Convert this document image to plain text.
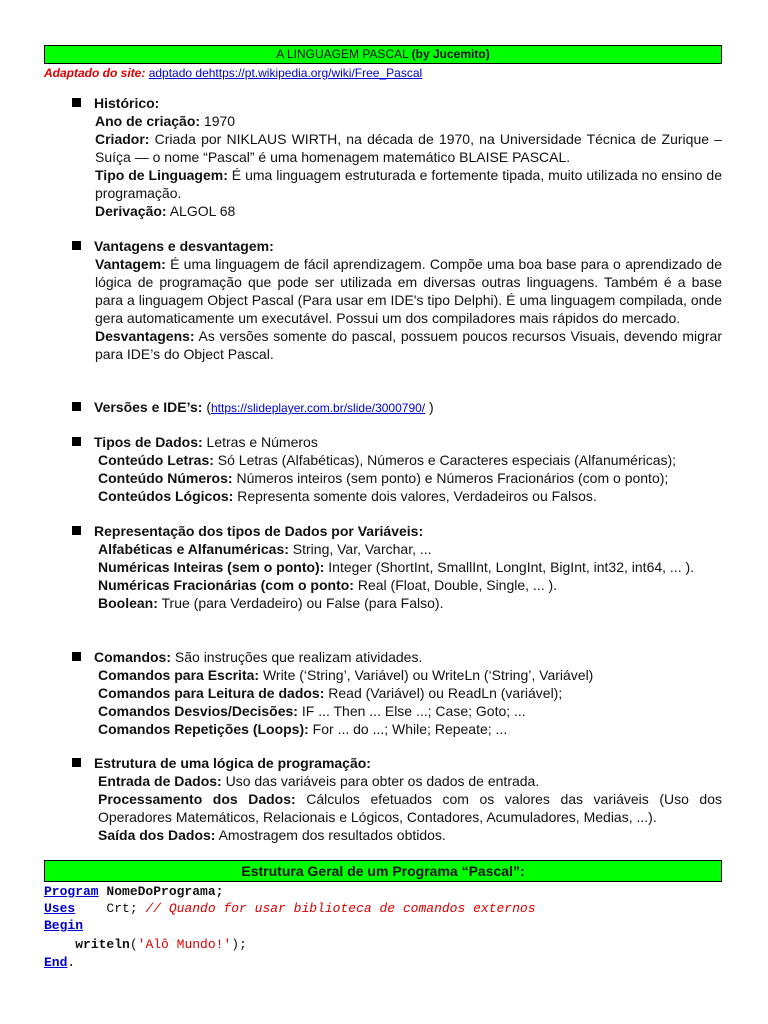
A LINGUAGEM PASCAL (by Jucemito)
Adaptado do site: adptado dehttps://pt.wikipedia.org/wiki/Free_Pascal
Histórico:
Ano de criação: 1970
Criador: Criada por NIKLAUS WIRTH, na década de 1970, na Universidade Técnica de Zurique – Suíça — o nome “Pascal” é uma homenagem matemático BLAISE PASCAL.
Tipo de Linguagem: É uma linguagem estruturada e fortemente tipada, muito utilizada no ensino de programação.
Derivação: ALGOL 68
Vantagens e desvantagem:
Vantagem: É uma linguagem de fácil aprendizagem. Compõe uma boa base para o aprendizado de lógica de programação que pode ser utilizada em diversas outras linguagens. Também é a base para a linguagem Object Pascal (Para usar em IDE's tipo Delphi). É uma linguagem compilada, onde gera automaticamente um executável. Possui um dos compiladores mais rápidos do mercado.
Desvantagens: As versões somente do pascal, possuem poucos recursos Visuais, devendo migrar para IDE’s do Object Pascal.
Versões e IDE’s: (https://slideplayer.com.br/slide/3000790/ )
Tipos de Dados: Letras e Números
Conteúdo Letras: Só Letras (Alfabéticas), Números e Caracteres especiais (Alfanuméricas);
Conteúdo Números: Números inteiros (sem ponto) e Números Fracionários (com o ponto);
Conteúdos Lógicos: Representa somente dois valores, Verdadeiros ou Falsos.
Representação dos tipos de Dados por Variáveis:
Alfabéticas e Alfanuméricas: String, Var, Varchar, ...
Numéricas Inteiras (sem o ponto): Integer (ShortInt, SmallInt, LongInt, BigInt, int32, int64, ... ).
Numéricas Fracionárias (com o ponto: Real (Float, Double, Single, ... ).
Boolean: True (para Verdadeiro) ou False (para Falso).
Comandos: São instruções que realizam atividades.
Comandos para Escrita: Write (‘String’, Variável) ou WriteLn (‘String’, Variável)
Comandos para Leitura de dados: Read (Variável) ou ReadLn (variável);
Comandos Desvios/Decisões: IF ... Then ... Else ...; Case; Goto; ...
Comandos Repetições (Loops): For ... do ...; While; Repeate; ...
Estrutura de uma lógica de programação:
Entrada de Dados: Uso das variáveis para obter os dados de entrada.
Processamento dos Dados: Cálculos efetuados com os valores das variáveis (Uso dos Operadores Matemáticos, Relacionais e Lógicos, Contadores, Acumuladores, Medias, ...).
Saída dos Dados: Amostragem dos resultados obtidos.
Estrutura Geral de um Programa “Pascal”:
Program NomeDoPrograma;
Uses    Crt; // Quando for usar biblioteca de comandos externos
Begin
writeln('Alô Mundo!');
End.
